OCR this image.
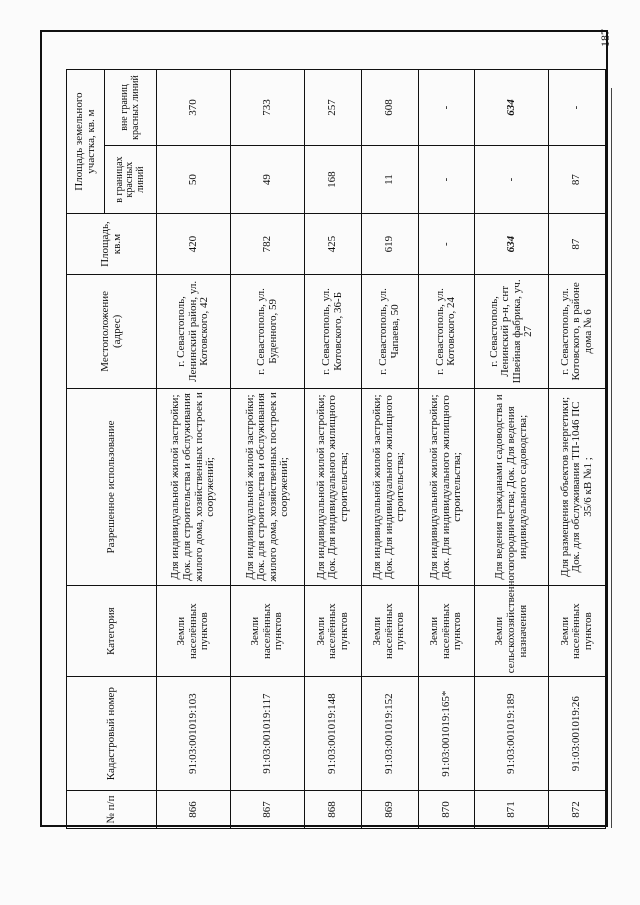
187
№ п/п	Кадастровый номер	Категория	Разрешенное использование	Местоположение (адрес)	Площадь, кв.м	Площадь земельного участка, кв. м	
						в границах красных линий	вне границ красных линий
866	91:03:001019:103	Земли населённых пунктов	Для индивидуальной жилой застройки; Док. для строительства и обслуживания жилого дома, хозяйственных построек и сооружений;	г. Севастополь, Ленинский район, ул. Котовского, 42	420	50	370
867	91:03:001019:117	Земли населённых пунктов	Для индивидуальной жилой застройки; Док. для строительства и обслуживания жилого дома, хозяйственных построек и сооружений;	г. Севастополь, ул. Буденного, 59	782	49	733
868	91:03:001019:148	Земли населённых пунктов	Для индивидуальной жилой застройки; Док. Для индивидуального жилищного строительства;	г. Севастополь, ул. Котовского, 36-Б	425	168	257
869	91:03:001019:152	Земли населённых пунктов	Для индивидуальной жилой застройки; Док. Для индивидуального жилищного строительства;	г. Севастополь, ул. Чапаева, 50	619	11	608
870	91:03:001019:165*	Земли населённых пунктов	Для индивидуальной жилой застройки; Док. Для индивидуального жилищного строительства;	г. Севастополь, ул. Котовского, 24	-	-	-
871	91:03:001019:189	Земли сельскохозяйственного назначения	Для ведения гражданами садоводства и огородничества; Док. Для ведения индивидуального садоводства;	г. Севастополь, Ленинский р-н, снт Швейная фабрика, уч. 27	634	-	634
872	91:03:001019:26	Земли населённых пунктов	Для размещения объектов энергетики; Док. для обслуживания ТП-1046 ПС 35/6 кВ №1 ;	г. Севастополь, ул. Котовского, в районе дома № 6	87	87	-
